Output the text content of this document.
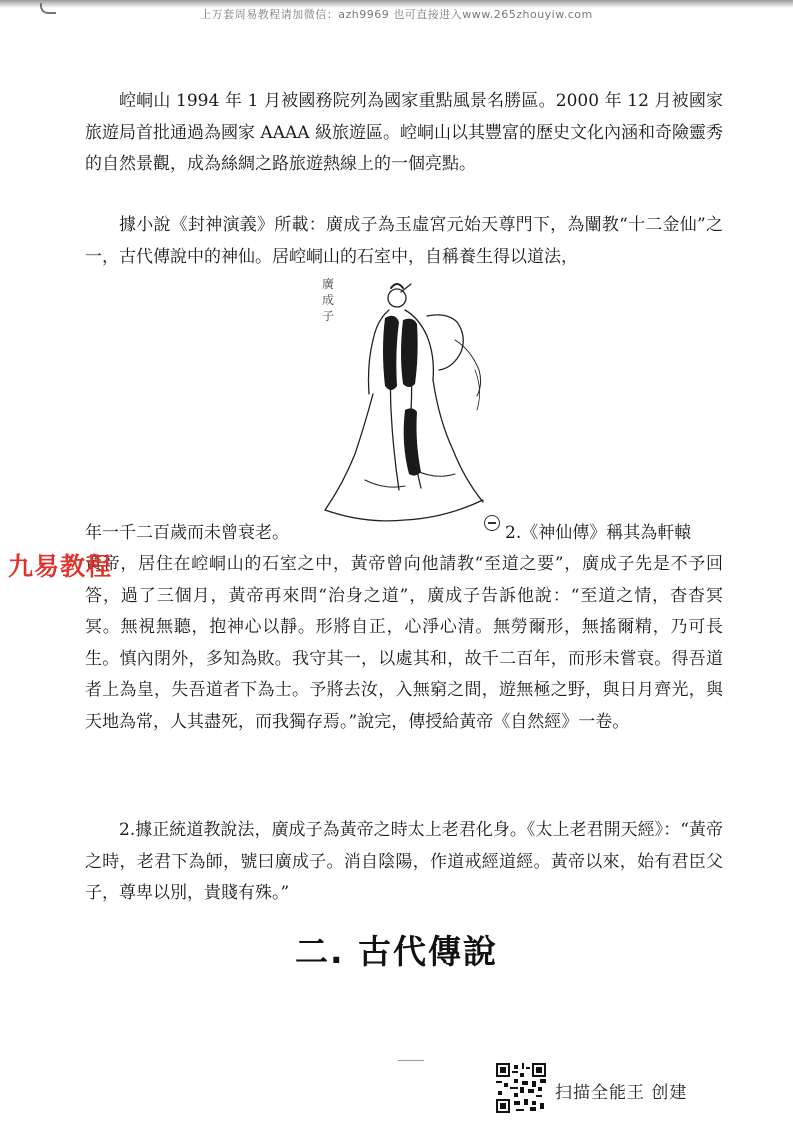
上万套周易教程请加微信：azh9969 也可直接进入www.265zhouyiw.com

崆峒山 1994 年 1 月被國務院列為國家重點風景名勝區。2000 年 12 月被國家旅遊局首批通過為國家 AAAA 級旅遊區。崆峒山以其豐富的歷史文化內涵和奇險靈秀的自然景觀，成為絲綢之路旅遊熱線上的一個亮點。

據小說《封神演義》所載：廣成子為玉虛宮元始天尊門下，為闡教“十二金仙”之一，古代傳說中的神仙。居崆峒山的石室中，自稱養生得以道法，

廣成子
年一千二百歲而未曾衰老。	2.《神仙傳》稱其為軒轅

黃帝，居住在崆峒山的石室之中，黃帝曾向他請教“至道之要”，廣成子先是不予回答，過了三個月，黃帝再來問“治身之道”，廣成子告訴他說：“至道之情，杳杳冥冥。無視無聽，抱神心以靜。形將自正，心淨心清。無勞爾形，無搖爾精，乃可長生。慎內閉外，多知為敗。我守其一，以處其和，故千二百年，而形未嘗衰。得吾道者上為皇，失吾道者下為士。予將去汝，入無窮之間，遊無極之野，與日月齊光，與天地為常，人其盡死，而我獨存焉。”說完，傳授給黃帝《自然經》一卷。

九易教程

2.據正統道教說法，廣成子為黃帝之時太上老君化身。《太上老君開天經》：“黃帝之時，老君下為師，號曰廣成子。消自陰陽，作道戒經道經。黃帝以來，始有君臣父子，尊卑以別，貴賤有殊。”

二. 古代傳說
扫描全能王 创建
